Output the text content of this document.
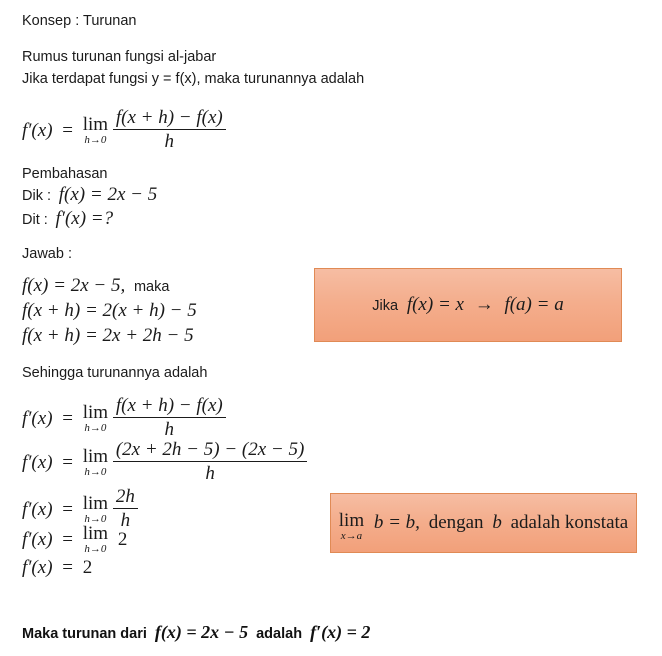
Konsep : Turunan
Rumus turunan fungsi al-jabar
Jika terdapat fungsi y = f(x), maka turunannya adalah
f′(x) = lim
h→0
$\frac{f(x + h) - f(x)}{h}$
Pembahasan
Dik : f(x) = 2x − 5
Dit : f′(x) =?
Jawab :
f(x) = 2x − 5, maka
f(x + h) = 2(x + h) − 5
f(x + h) = 2x + 2h − 5
Jika f(x) = x → f(a) = a
Sehingga turunannya adalah
f′(x) = lim
h→0
$\frac{f(x + h) - f(x)}{h}$
f′(x) = lim
h→0
$\frac{(2x + 2h - 5) - (2x - 5)}{h}$
f′(x) = lim
h→0
$\frac{2h}{h}$
f′(x) = lim
h→0 2
f′(x) = 2
lim
x→a
b = b, dengan b adalah konstata
Maka turunan dari f(x) = 2x − 5 adalah f′(x) = 2
